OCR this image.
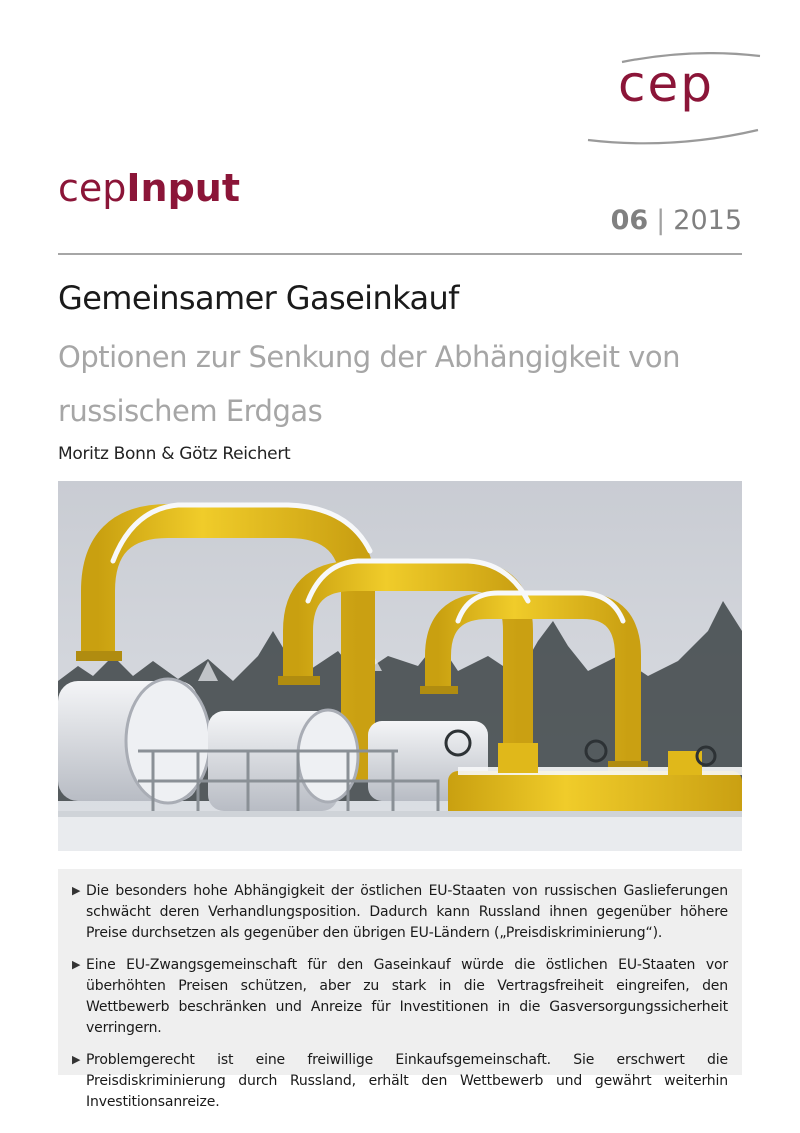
cep
cepInput
06 | 2015
Gemeinsamer Gaseinkauf
Optionen zur Senkung der Abhängigkeit von russischem Erdgas
Moritz Bonn & Götz Reichert
▶ Die besonders hohe Abhängigkeit der östlichen EU-Staaten von russischen Gaslieferungen schwächt deren Verhandlungsposition. Dadurch kann Russland ihnen gegenüber höhere Preise durchsetzen als gegenüber den übrigen EU-Ländern („Preisdiskriminierung“).
▶ Eine EU-Zwangsgemeinschaft für den Gaseinkauf würde die östlichen EU-Staaten vor überhöhten Preisen schützen, aber zu stark in die Vertragsfreiheit eingreifen, den Wettbewerb beschränken und Anreize für Investitionen in die Gasversorgungssicherheit verringern.
▶ Problemgerecht ist eine freiwillige Einkaufsgemeinschaft. Sie erschwert die Preisdiskriminierung durch Russland, erhält den Wettbewerb und gewährt weiterhin Investitionsanreize.
